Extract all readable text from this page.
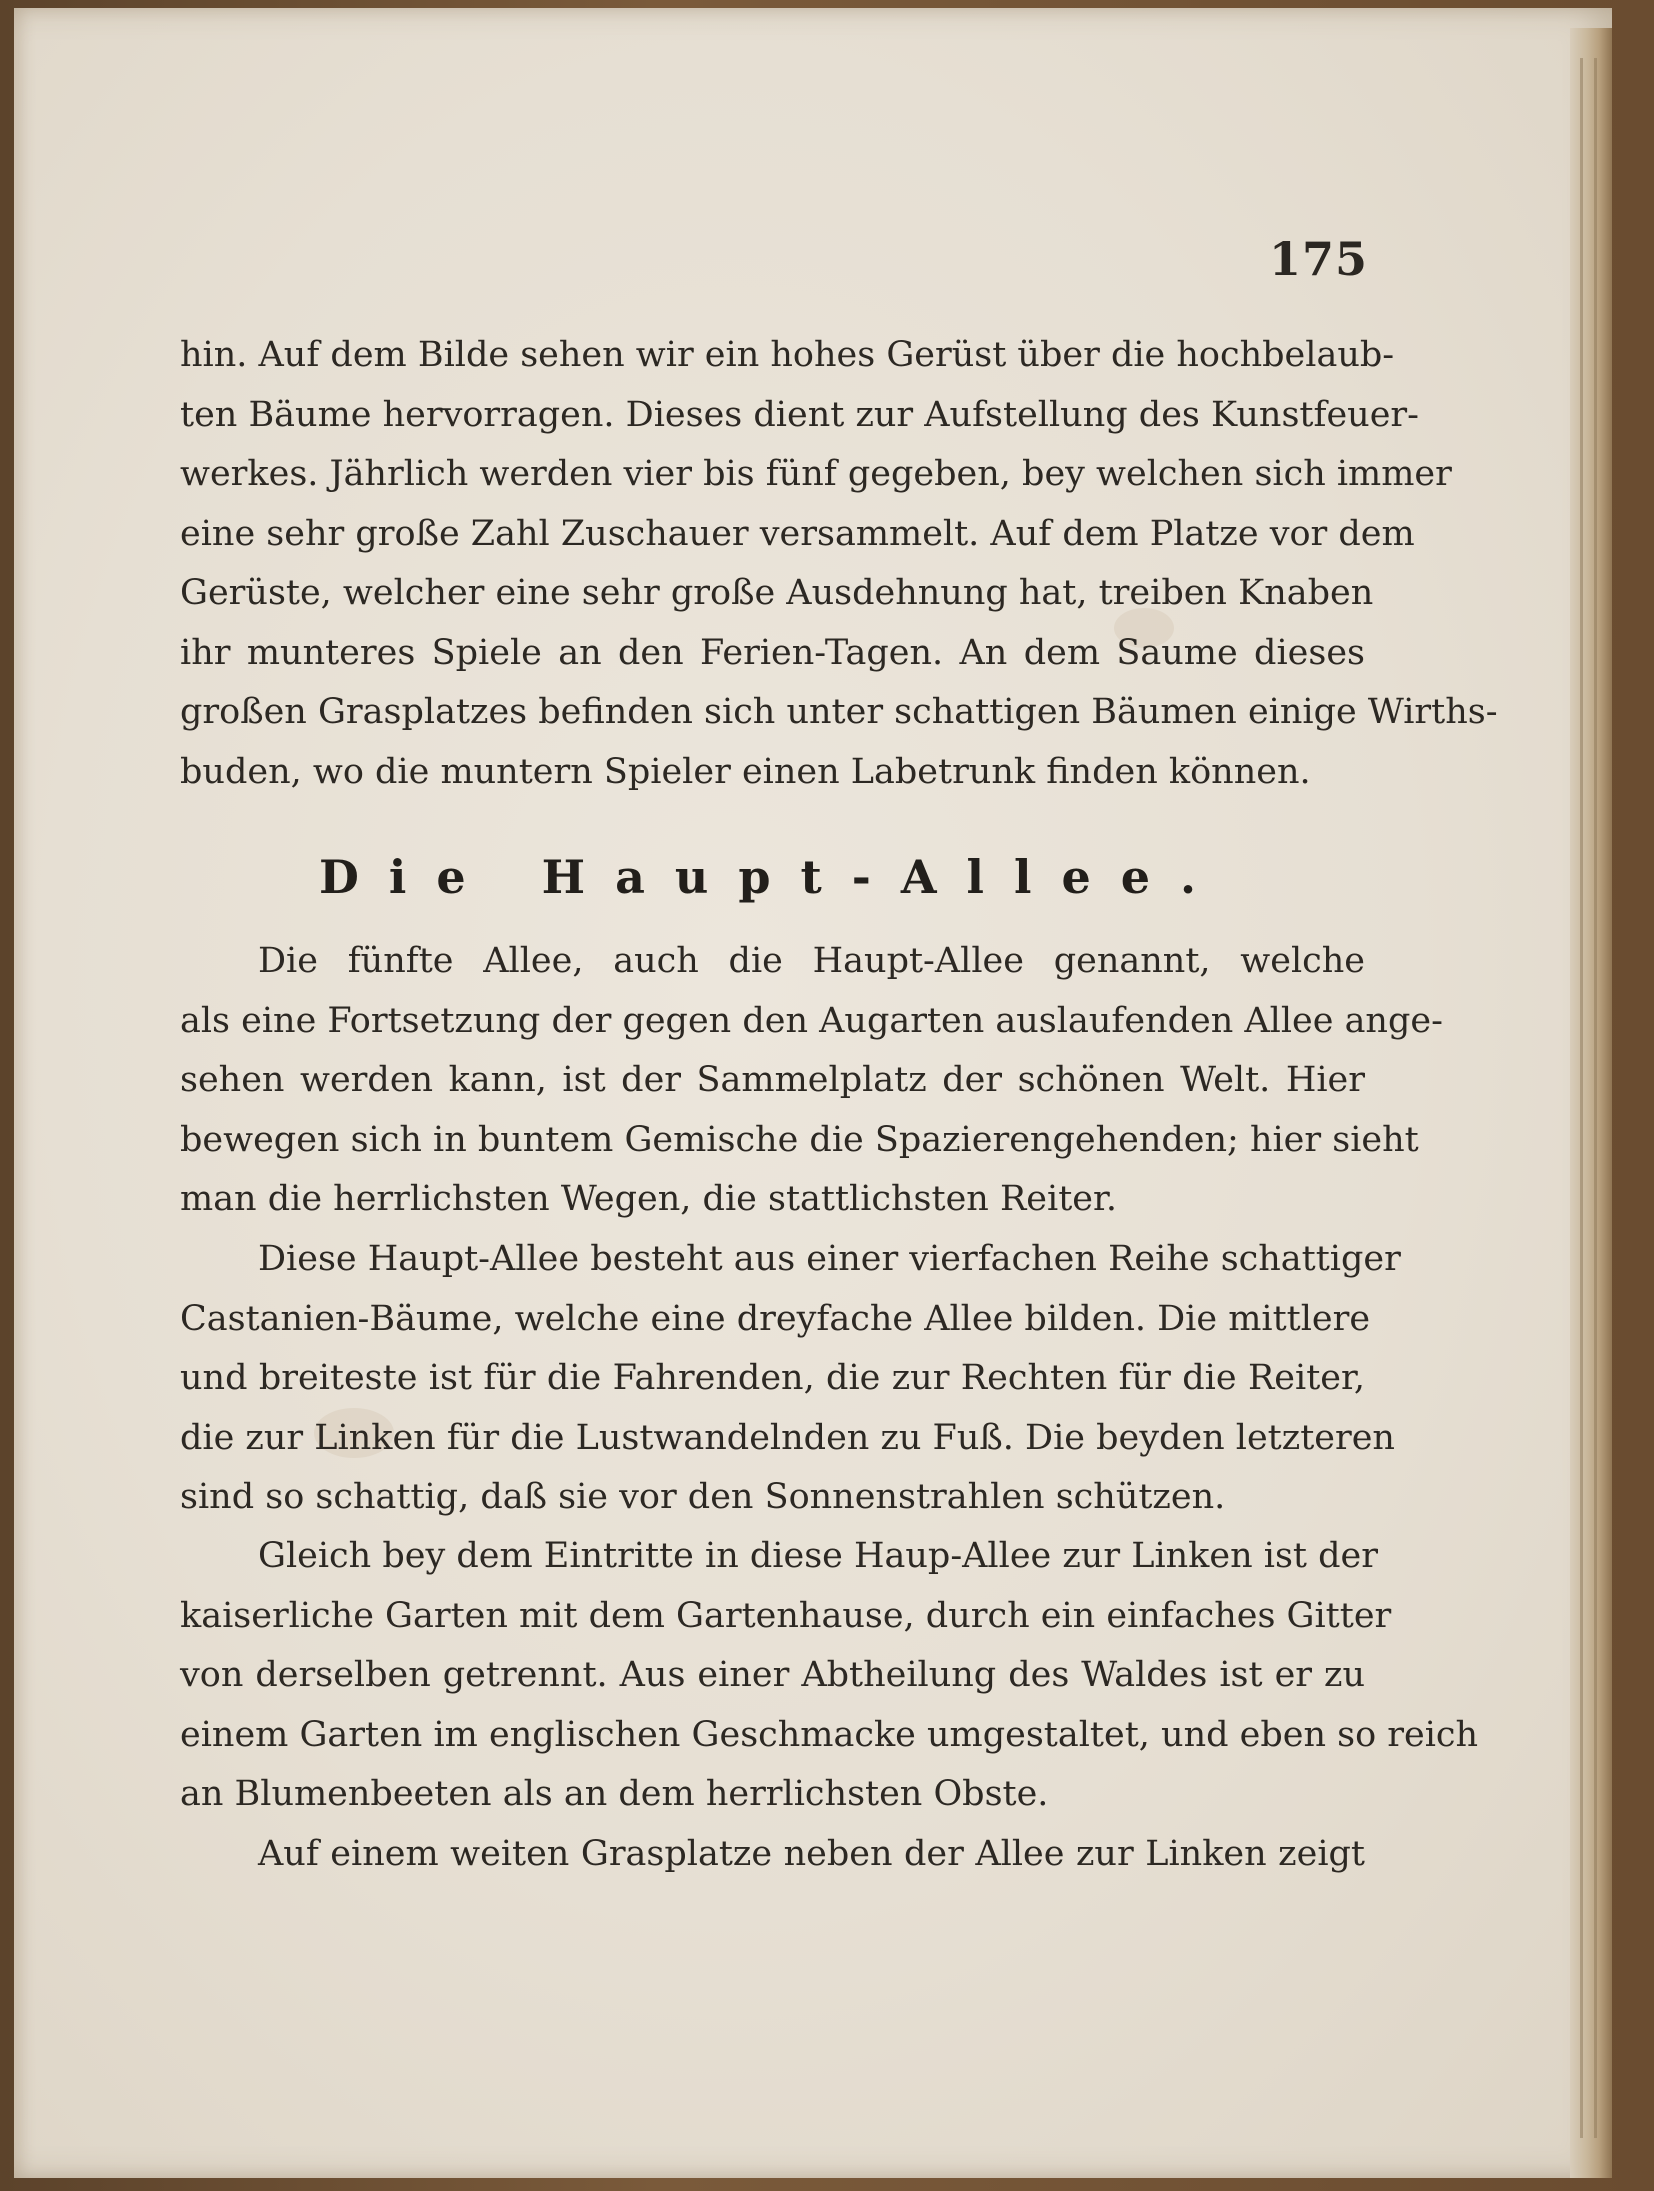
175
hin. Auf dem Bilde sehen wir ein hohes Gerüst über die hochbelaub-
ten Bäume hervorragen. Dieses dient zur Aufstellung des Kunstfeuer-
werkes. Jährlich werden vier bis fünf gegeben, bey welchen sich immer
eine sehr große Zahl Zuschauer versammelt. Auf dem Platze vor dem
Gerüste, welcher eine sehr große Ausdehnung hat, treiben Knaben
ihr munteres Spiele an den Ferien-Tagen. An dem Saume dieses
großen Grasplatzes befinden sich unter schattigen Bäumen einige Wirths-
buden, wo die muntern Spieler einen Labetrunk finden können.
Die Haupt-Allee.
Die fünfte Allee, auch die Haupt-Allee genannt, welche
als eine Fortsetzung der gegen den Augarten auslaufenden Allee ange-
sehen werden kann, ist der Sammelplatz der schönen Welt. Hier
bewegen sich in buntem Gemische die Spazierengehenden; hier sieht
man die herrlichsten Wegen, die stattlichsten Reiter.
Diese Haupt-Allee besteht aus einer vierfachen Reihe schattiger
Castanien-Bäume, welche eine dreyfache Allee bilden. Die mittlere
und breiteste ist für die Fahrenden, die zur Rechten für die Reiter,
die zur Linken für die Lustwandelnden zu Fuß. Die beyden letzteren
sind so schattig, daß sie vor den Sonnenstrahlen schützen.
Gleich bey dem Eintritte in diese Haup-Allee zur Linken ist der
kaiserliche Garten mit dem Gartenhause, durch ein einfaches Gitter
von derselben getrennt. Aus einer Abtheilung des Waldes ist er zu
einem Garten im englischen Geschmacke umgestaltet, und eben so reich
an Blumenbeeten als an dem herrlichsten Obste.
Auf einem weiten Grasplatze neben der Allee zur Linken zeigt
